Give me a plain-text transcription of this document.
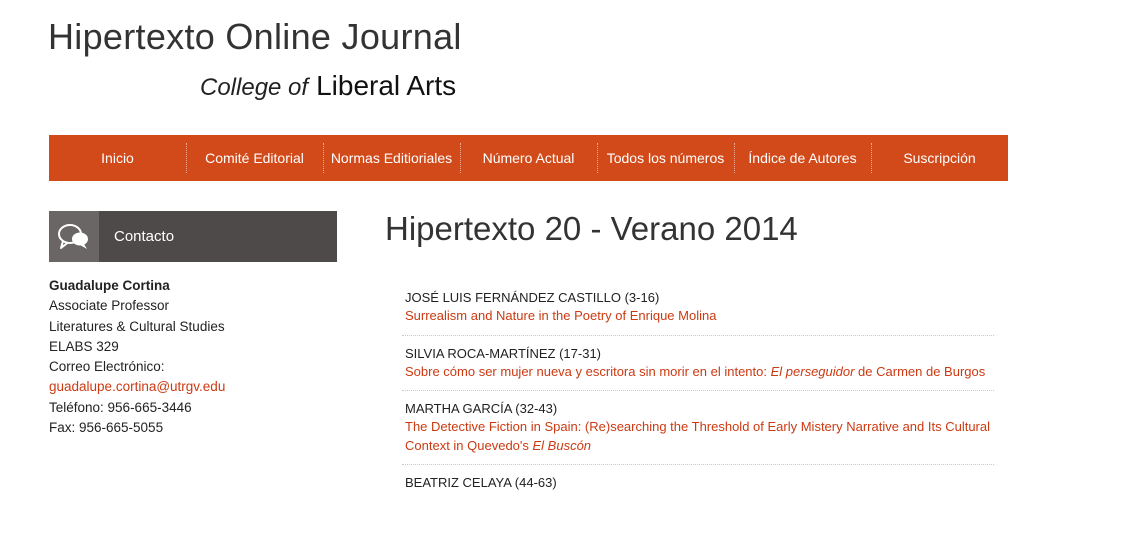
Hipertexto Online Journal
College of Liberal Arts
Inicio	Comité Editorial	Normas Editioriales	Número Actual	Todos los números	Índice de Autores	Suscripción
Contacto
Guadalupe Cortina
Associate Professor
Literatures & Cultural Studies
ELABS 329
Correo Electrónico:
guadalupe.cortina@utrgv.edu
Teléfono: 956-665-3446
Fax: 956-665-5055
Hipertexto 20 - Verano 2014
JOSÉ LUIS FERNÁNDEZ CASTILLO (3-16)
Surrealism and Nature in the Poetry of Enrique Molina
SILVIA ROCA-MARTÍNEZ (17-31)
Sobre cómo ser mujer nueva y escritora sin morir en el intento: El perseguidor de Carmen de Burgos
MARTHA GARCÍA (32-43)
The Detective Fiction in Spain: (Re)searching the Threshold of Early Mistery Narrative and Its Cultural Context in Quevedo's El Buscón
BEATRIZ CELAYA (44-63)
